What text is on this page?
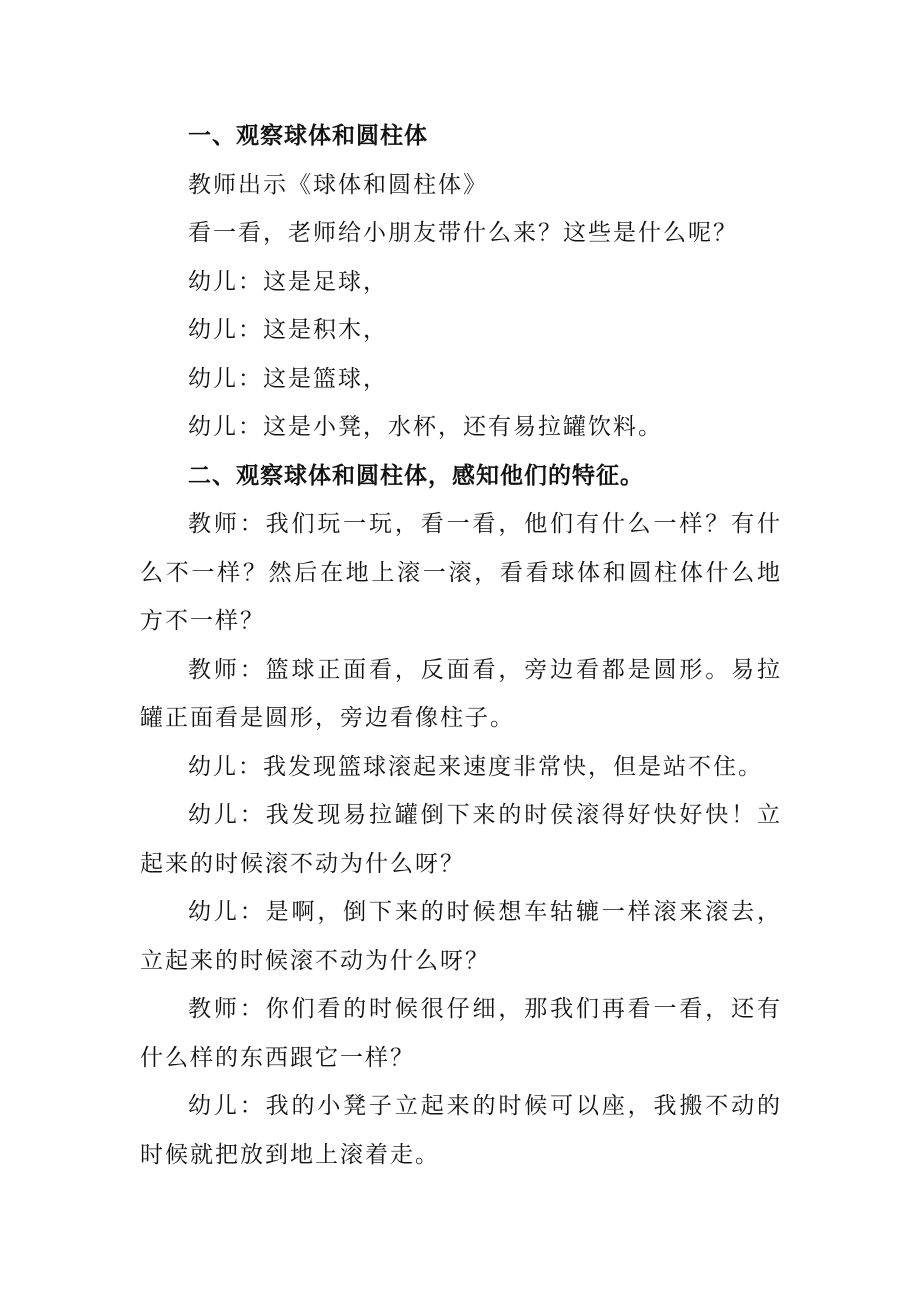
一、观察球体和圆柱体

教师出示《球体和圆柱体》

看一看，老师给小朋友带什么来？这些是什么呢？

幼儿：这是足球，

幼儿：这是积木，

幼儿：这是篮球，

幼儿：这是小凳，水杯，还有易拉罐饮料。

二、观察球体和圆柱体，感知他们的特征。

教师：我们玩一玩，看一看，他们有什么一样？有什么不一样？然后在地上滚一滚，看看球体和圆柱体什么地方不一样？

教师：篮球正面看，反面看，旁边看都是圆形。易拉罐正面看是圆形，旁边看像柱子。

幼儿：我发现篮球滚起来速度非常快，但是站不住。

幼儿：我发现易拉罐倒下来的时侯滚得好快好快！立起来的时候滚不动为什么呀？

幼儿：是啊，倒下来的时候想车轱辘一样滚来滚去，立起来的时候滚不动为什么呀？

教师：你们看的时候很仔细，那我们再看一看，还有什么样的东西跟它一样？

幼儿：我的小凳子立起来的时候可以座，我搬不动的时候就把放到地上滚着走。
